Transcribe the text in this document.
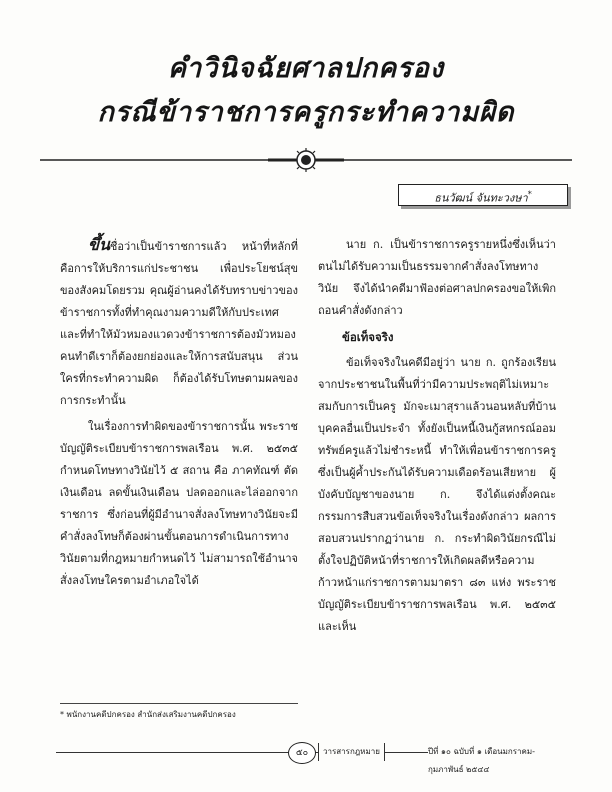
คำวินิจฉัยศาลปกครอง
กรณีข้าราชการครูกระทำความผิด
ธนวัฒน์ จันทะวงษา*

ขึ้นชื่อว่าเป็นข้าราชการแล้ว หน้าที่หลักที่คือการให้บริการแก่ประชาชน เพื่อประโยชน์สุขของสังคมโดยรวม คุณผู้อ่านคงได้รับทราบข่าวของข้าราชการทั้งที่ทำคุณงามความดีให้กับประเทศ และที่ทำให้มัวหมองแวดวงข้าราชการต้องมัวหมอง คนทำดีเราก็ต้องยกย่องและให้การสนับสนุน ส่วนใครที่กระทำความผิด ก็ต้องได้รับโทษตามผลของการกระทำนั้น

ในเรื่องการทำผิดของข้าราชการนั้น พระราชบัญญัติระเบียบข้าราชการพลเรือน พ.ศ. ๒๕๓๕ กำหนดโทษทางวินัยไว้ ๕ สถาน คือ ภาคทัณฑ์ ตัดเงินเดือน ลดขั้นเงินเดือน ปลดออกและไล่ออกจากราชการ ซึ่งก่อนที่ผู้มีอำนาจสั่งลงโทษทางวินัยจะมีคำสั่งลงโทษก็ต้องผ่านขั้นตอนการดำเนินการทางวินัยตามที่กฎหมายกำหนดไว้ ไม่สามารถใช้อำนาจสั่งลงโทษใครตามอำเภอใจได้

นาย ก. เป็นข้าราชการครูรายหนึ่งซึ่งเห็นว่าตนไม่ได้รับความเป็นธรรมจากคำสั่งลงโทษทางวินัย จึงได้นำคดีมาฟ้องต่อศาลปกครองขอให้เพิกถอนคำสั่งดังกล่าว

ข้อเท็จจริง

ข้อเท็จจริงในคดีมีอยู่ว่า นาย ก. ถูกร้องเรียนจากประชาชนในพื้นที่ว่ามีความประพฤติไม่เหมาะสมกับการเป็นครู มักจะเมาสุราแล้วนอนหลับที่บ้านบุคคลอื่นเป็นประจำ ทั้งยังเป็นหนี้เงินกู้สหกรณ์ออมทรัพย์ครูแล้วไม่ชำระหนี้ ทำให้เพื่อนข้าราชการครูซึ่งเป็นผู้ค้ำประกันได้รับความเดือดร้อนเสียหาย ผู้บังคับบัญชาของนาย ก. จึงได้แต่งตั้งคณะกรรมการสืบสวนข้อเท็จจริงในเรื่องดังกล่าว ผลการสอบสวนปรากฏว่านาย ก. กระทำผิดวินัยกรณีไม่ตั้งใจปฏิบัติหน้าที่ราชการให้เกิดผลดีหรือความก้าวหน้าแก่ราชการตามมาตรา ๘๓ แห่ง พระราชบัญญัติระเบียบข้าราชการพลเรือน พ.ศ. ๒๕๓๕ และเห็น

* พนักงานคดีปกครอง สำนักส่งเสริมงานคดีปกครอง
๕๐	วารสารกฎหมาย	ปีที่ ๑๐ ฉบับที่ ๑ เดือนมกราคม-กุมภาพันธ์ ๒๕๔๔
